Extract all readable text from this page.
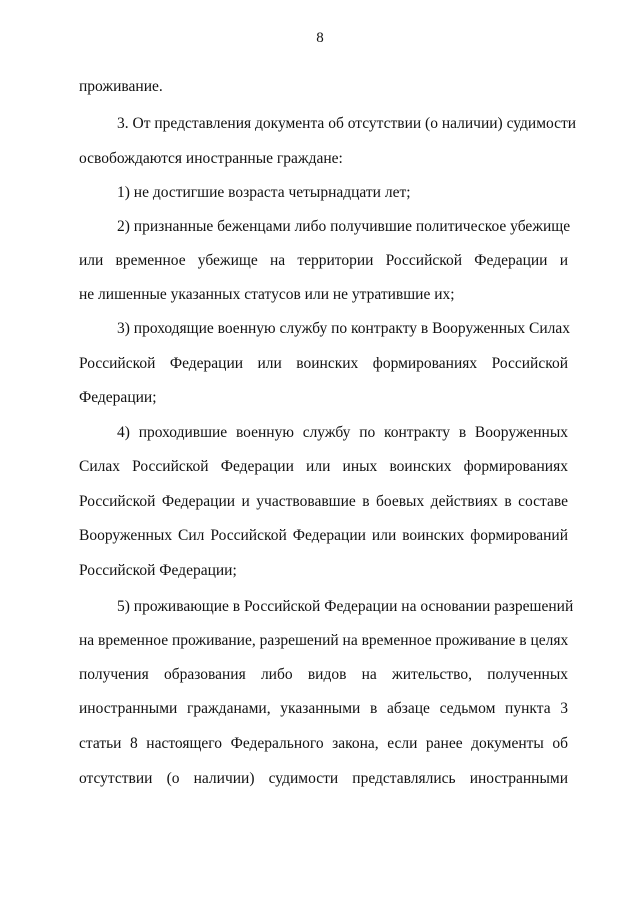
8
проживание.
3. От представления документа об отсутствии (о наличии) судимости
освобождаются иностранные граждане:
1) не достигшие возраста четырнадцати лет;
2) признанные беженцами либо получившие политическое убежище
или временное убежище на территории Российской Федерации и
не лишенные указанных статусов или не утратившие их;
3) проходящие военную службу по контракту в Вооруженных Силах
Российской Федерации или воинских формированиях Российской
Федерации;
4) проходившие военную службу по контракту в Вооруженных
Силах Российской Федерации или иных воинских формированиях
Российской Федерации и участвовавшие в боевых действиях в составе
Вооруженных Сил Российской Федерации или воинских формирований
Российской Федерации;
5) проживающие в Российской Федерации на основании разрешений
на временное проживание, разрешений на временное проживание в целях
получения образования либо видов на жительство, полученных
иностранными гражданами, указанными в абзаце седьмом пункта 3
статьи 8 настоящего Федерального закона, если ранее документы об
отсутствии (о наличии) судимости представлялись иностранными
